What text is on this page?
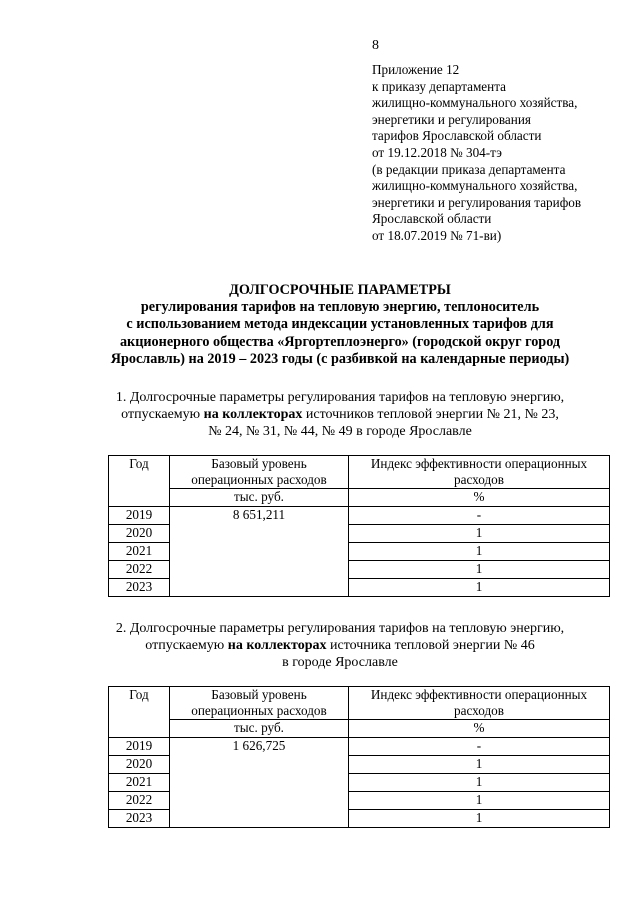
8
Приложение 12
к приказу департамента
жилищно-коммунального хозяйства,
энергетики и регулирования
тарифов Ярославской области
от 19.12.2018 № 304-тэ
(в редакции приказа департамента
жилищно-коммунального хозяйства,
энергетики и регулирования тарифов
Ярославской области
от 18.07.2019 № 71-ви)
ДОЛГОСРОЧНЫЕ ПАРАМЕТРЫ
регулирования тарифов на тепловую энергию, теплоноситель
с использованием метода индексации установленных тарифов для
акционерного общества «Яргортеплоэнерго» (городской округ город
Ярославль) на 2019 – 2023 годы (с разбивкой на календарные периоды)
1. Долгосрочные параметры регулирования тарифов на тепловую энергию,
отпускаемую на коллекторах источников тепловой энергии № 21, № 23,
№ 24, № 31, № 44, № 49 в городе Ярославле
Год	Базовый уровень операционных расходов	Индекс эффективности операционных расходов
	тыс. руб.	%
2019	8 651,211	-
2020		1
2021		1
2022		1
2023		1
2. Долгосрочные параметры регулирования тарифов на тепловую энергию,
отпускаемую на коллекторах источника тепловой энергии № 46
в городе Ярославле
Год	Базовый уровень операционных расходов	Индекс эффективности операционных расходов
	тыс. руб.	%
2019	1 626,725	-
2020		1
2021		1
2022		1
2023		1
